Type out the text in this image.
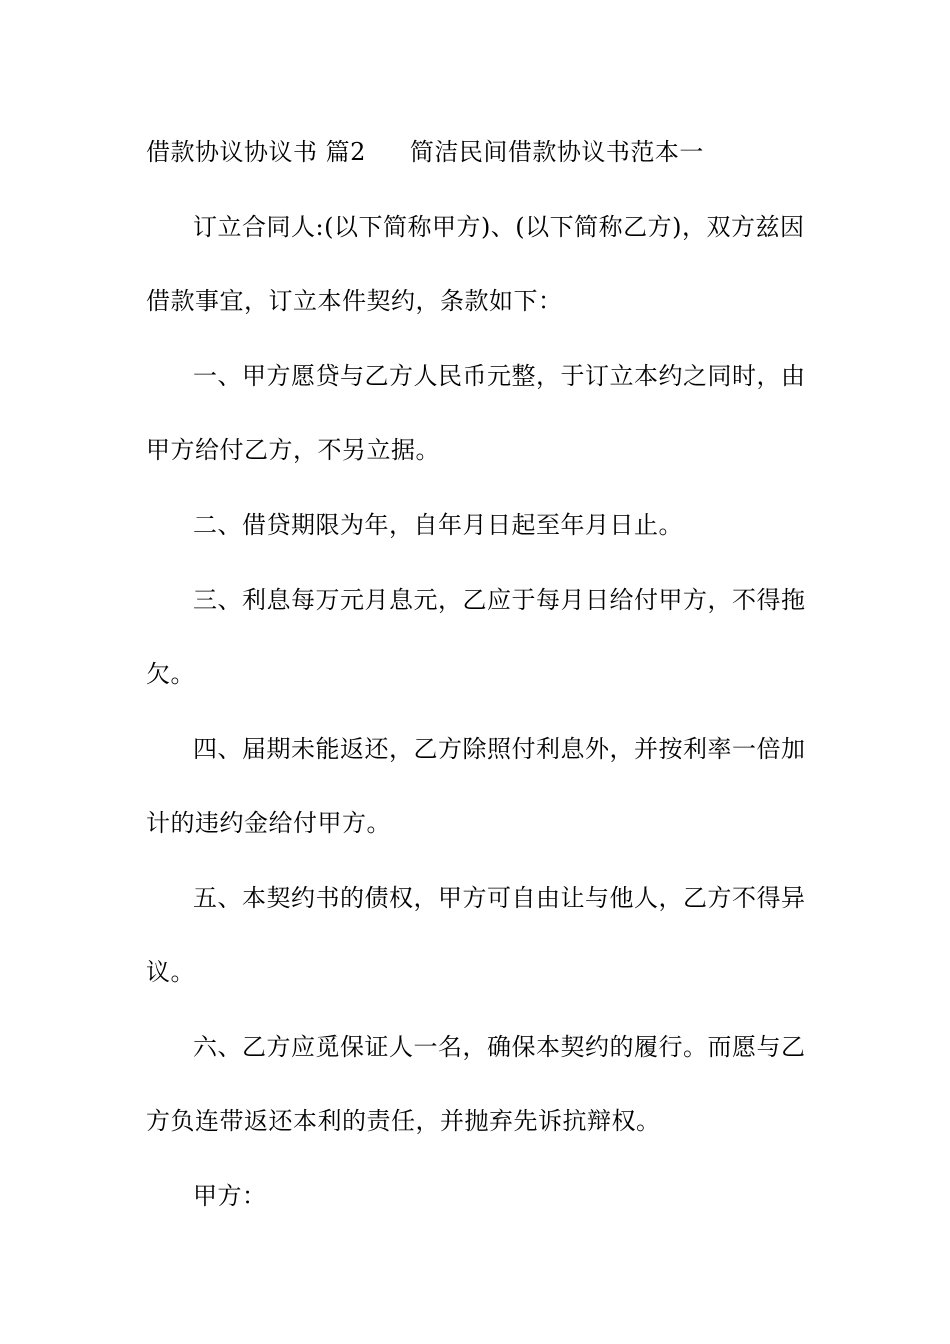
借款协议协议书 篇2 简洁民间借款协议书范本一
订立合同人:(以下简称甲方)、(以下简称乙方)，双方兹因
借款事宜，订立本件契约，条款如下：
一、甲方愿贷与乙方人民币元整，于订立本约之同时，由
甲方给付乙方，不另立据。
二、借贷期限为年，自年月日起至年月日止。
三、利息每万元月息元，乙应于每月日给付甲方，不得拖
欠。
四、届期未能返还，乙方除照付利息外，并按利率一倍加
计的违约金给付甲方。
五、本契约书的债权，甲方可自由让与他人，乙方不得异
议。
六、乙方应觅保证人一名，确保本契约的履行。而愿与乙
方负连带返还本利的责任，并抛弃先诉抗辩权。
甲方：
